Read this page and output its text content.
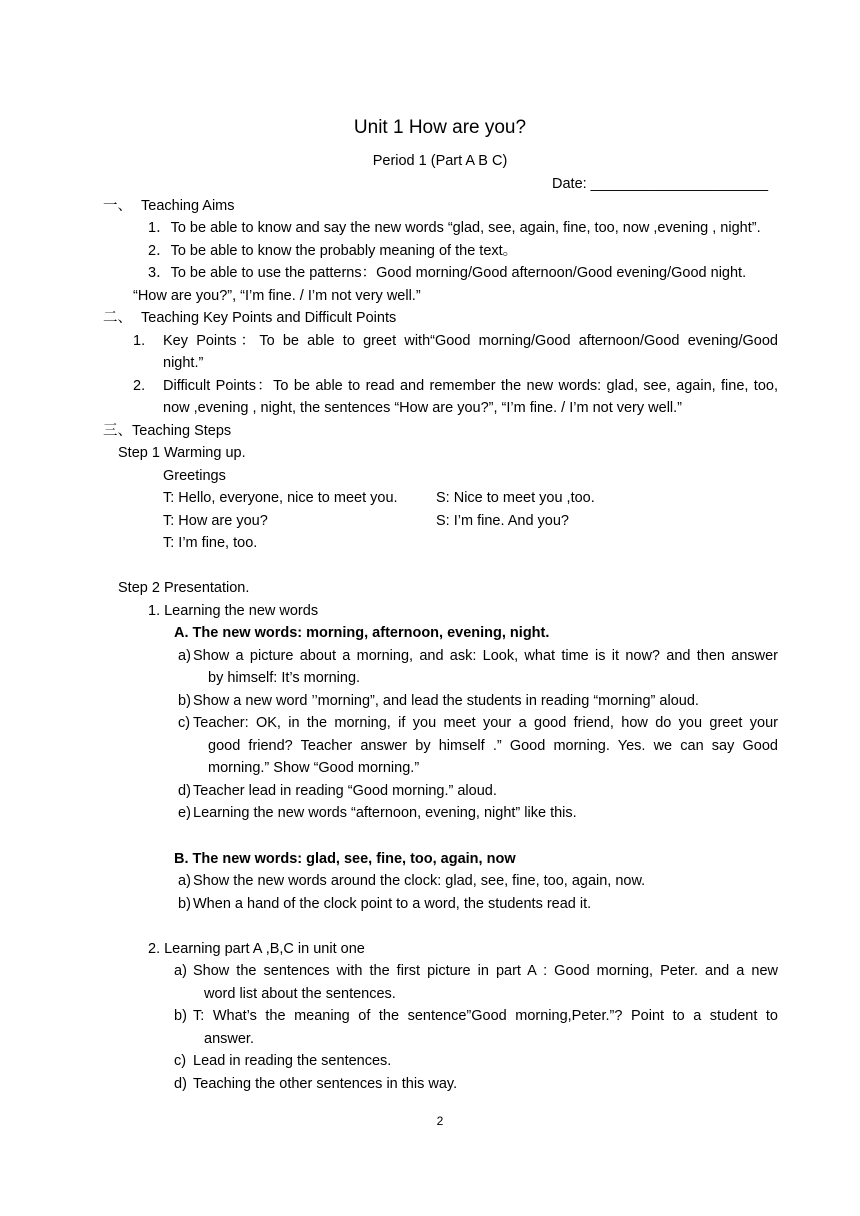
Unit 1 How are you?
Period 1 (Part A B C)
Date: ______________________
一、 Teaching Aims
1．To be able to know and say the new words “glad, see, again, fine, too, now ,evening , night”.
2．To be able to know the probably meaning of the text。
3．To be able to use the patterns：Good morning/Good afternoon/Good evening/Good night.
“How are you?”, “I’m fine. / I’m not very well.”
二、 Teaching Key Points and Difficult Points
1. Key Points：To be able to greet with“Good morning/Good afternoon/Good evening/Good
night.”
2. Difficult Points：To be able to read and remember the new words: glad, see, again, fine, too,
now ,evening , night, the sentences “How are you?”, “I’m fine. / I’m not very well.”
三、Teaching Steps
Step 1 Warming up.
Greetings
T: Hello, everyone, nice to meet you.	S: Nice to meet you ,too.
T: How are you?	S: I’m fine. And you?
T: I’m fine, too.
Step 2 Presentation.
1. Learning the new words
A. The new words: morning, afternoon, evening, night.
a) Show a picture about a morning, and ask: Look, what time is it now? and then answer
by himself: It’s morning.
b) Show a new word ’’morning”, and lead the students in reading “morning” aloud.
c) Teacher: OK, in the morning, if you meet your a good friend, how do you greet your
good friend? Teacher answer by himself .” Good morning. Yes. we can say Good
morning.” Show “Good morning.”
d) Teacher lead in reading “Good morning.” aloud.
e) Learning the new words “afternoon, evening, night” like this.
B. The new words: glad, see, fine, too, again, now
a) Show the new words around the clock: glad, see, fine, too, again, now.
b) When a hand of the clock point to a word, the students read it.
2. Learning part A ,B,C in unit one
a) Show the sentences with the first picture in part A : Good morning, Peter. and a new
word list about the sentences.
b) T: What’s the meaning of the sentence”Good morning,Peter.”? Point to a student to
answer.
c) Lead in reading the sentences.
d) Teaching the other sentences in this way.
2
